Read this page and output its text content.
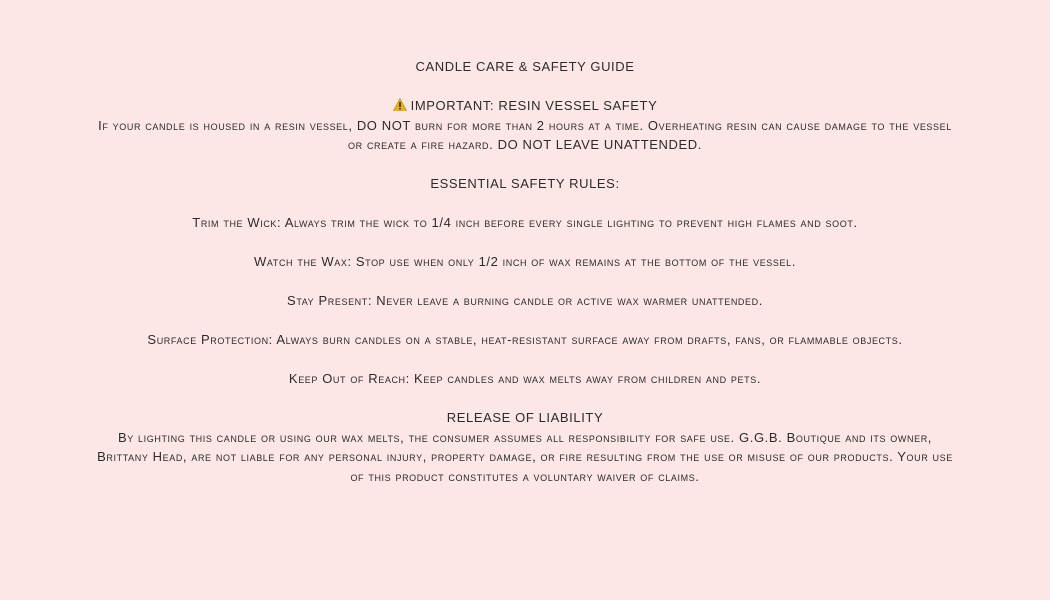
CANDLE CARE & SAFETY GUIDE

IMPORTANT: RESIN VESSEL SAFETY

If your candle is housed in a resin vessel, DO NOT burn for more than 2 hours at a time. Overheating resin can cause damage to the vessel or create a fire hazard. DO NOT LEAVE UNATTENDED.

ESSENTIAL SAFETY RULES:

Trim the Wick: Always trim the wick to 1/4 inch before every single lighting to prevent high flames and soot.

Watch the Wax: Stop use when only 1/2 inch of wax remains at the bottom of the vessel.

Stay Present: Never leave a burning candle or active wax warmer unattended.

Surface Protection: Always burn candles on a stable, heat-resistant surface away from drafts, fans, or flammable objects.

Keep Out of Reach: Keep candles and wax melts away from children and pets.

RELEASE OF LIABILITY

By lighting this candle or using our wax melts, the consumer assumes all responsibility for safe use. G.G.B. Boutique and its owner, Brittany Head, are not liable for any personal injury, property damage, or fire resulting from the use or misuse of our products. Your use of this product constitutes a voluntary waiver of claims.
